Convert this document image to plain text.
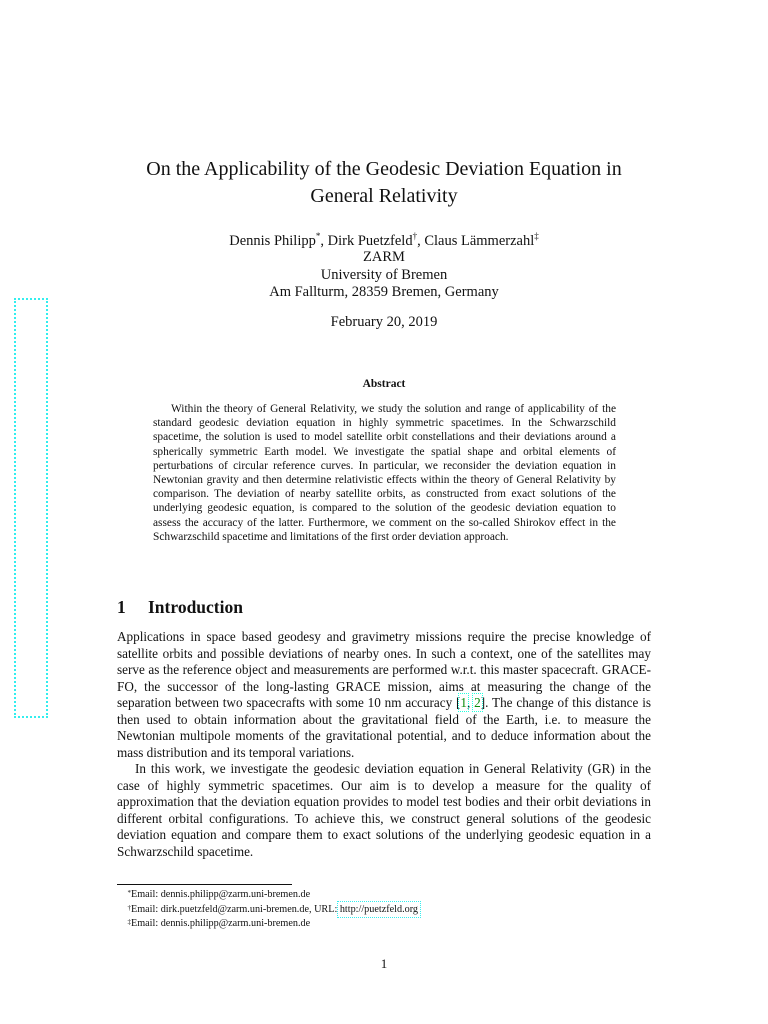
On the Applicability of the Geodesic Deviation Equation in
General Relativity
Dennis Philipp*, Dirk Puetzfeld†, Claus Lämmerzahl‡
ZARM
University of Bremen
Am Fallturm, 28359 Bremen, Germany
February 20, 2019
Abstract
Within the theory of General Relativity, we study the solution and range of applicability of the standard geodesic deviation equation in highly symmetric spacetimes. In the Schwarzschild spacetime, the solution is used to model satellite orbit constellations and their deviations around a spherically symmetric Earth model. We investigate the spatial shape and orbital elements of perturbations of circular reference curves. In particular, we reconsider the deviation equation in Newtonian gravity and then determine relativistic effects within the theory of General Relativity by comparison. The deviation of nearby satellite orbits, as constructed from exact solutions of the underlying geodesic equation, is compared to the solution of the geodesic deviation equation to assess the accuracy of the latter. Furthermore, we comment on the so-called Shirokov effect in the Schwarzschild spacetime and limitations of the first order deviation approach.
1 Introduction

Applications in space based geodesy and gravimetry missions require the precise knowledge of satellite orbits and possible deviations of nearby ones. In such a context, one of the satellites may serve as the reference object and measurements are performed w.r.t. this master spacecraft. GRACE-FO, the successor of the long-lasting GRACE mission, aims at measuring the change of the separation between two spacecrafts with some 10 nm accuracy [1, 2]. The change of this distance is then used to obtain information about the gravitational field of the Earth, i.e. to measure the Newtonian multipole moments of the gravitational potential, and to deduce information about the mass distribution and its temporal variations.

In this work, we investigate the geodesic deviation equation in General Relativity (GR) in the case of highly symmetric spacetimes. Our aim is to develop a measure for the quality of approximation that the deviation equation provides to model test bodies and their orbit deviations in different orbital configurations. To achieve this, we construct general solutions of the geodesic deviation equation and compare them to exact solutions of the underlying geodesic equation in a Schwarzschild spacetime.

* Email: dennis.philipp@zarm.uni-bremen.de
† Email: dirk.puetzfeld@zarm.uni-bremen.de, URL: http://puetzfeld.org
‡ Email: dennis.philipp@zarm.uni-bremen.de
1
